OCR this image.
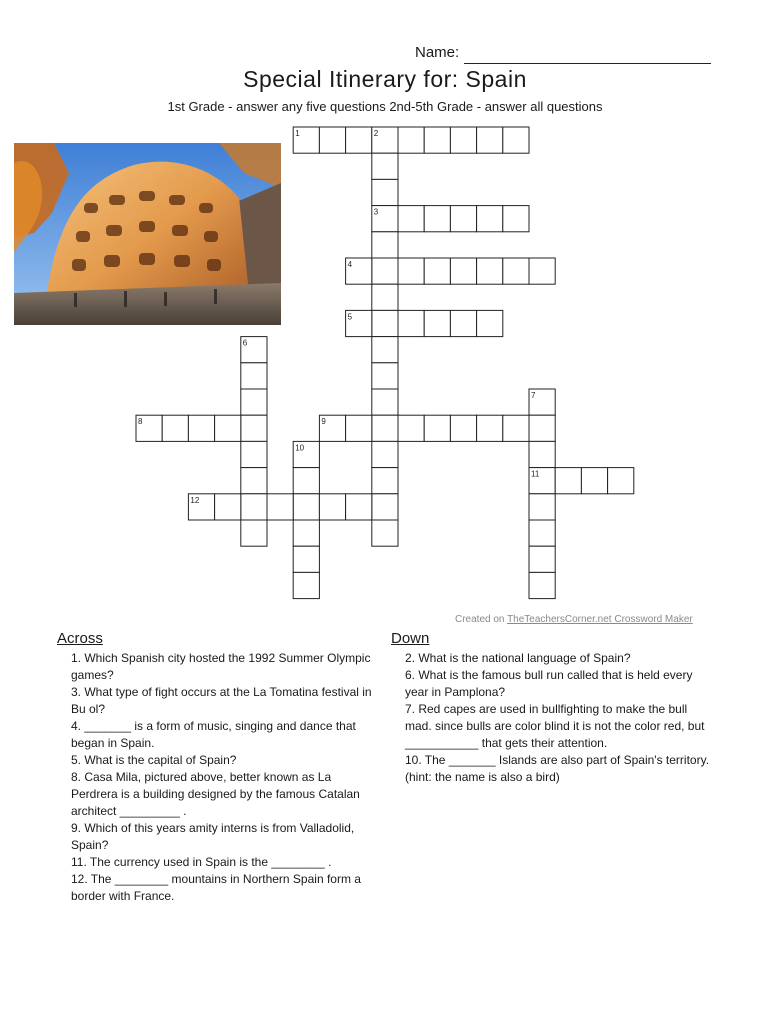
Name:
Special Itinerary for: Spain
1st Grade - answer any five questions 2nd-5th Grade - answer all questions
1	2
3
4
5
6
7
8	9
10
11
12
Created on TheTeachersCorner.net Crossword Maker
Across
1. Which Spanish city hosted the 1992 Summer Olympic games?
3. What type of fight occurs at the La Tomatina festival in Bu ol?
4. _______ is a form of music, singing and dance that began in Spain.
5. What is the capital of Spain?
8. Casa Mila, pictured above, better known as La Perdrera is a building designed by the famous Catalan architect _________ .
9. Which of this years amity interns is from Valladolid, Spain?
11. The currency used in Spain is the ________ .
12. The ________ mountains in Northern Spain form a border with France.
Down
2. What is the national language of Spain?
6. What is the famous bull run called that is held every year in Pamplona?
7. Red capes are used in bullfighting to make the bull mad. since bulls are color blind it is not the color red, but ___________ that gets their attention.
10. The _______ Islands are also part of Spain's territory. (hint: the name is also a bird)
